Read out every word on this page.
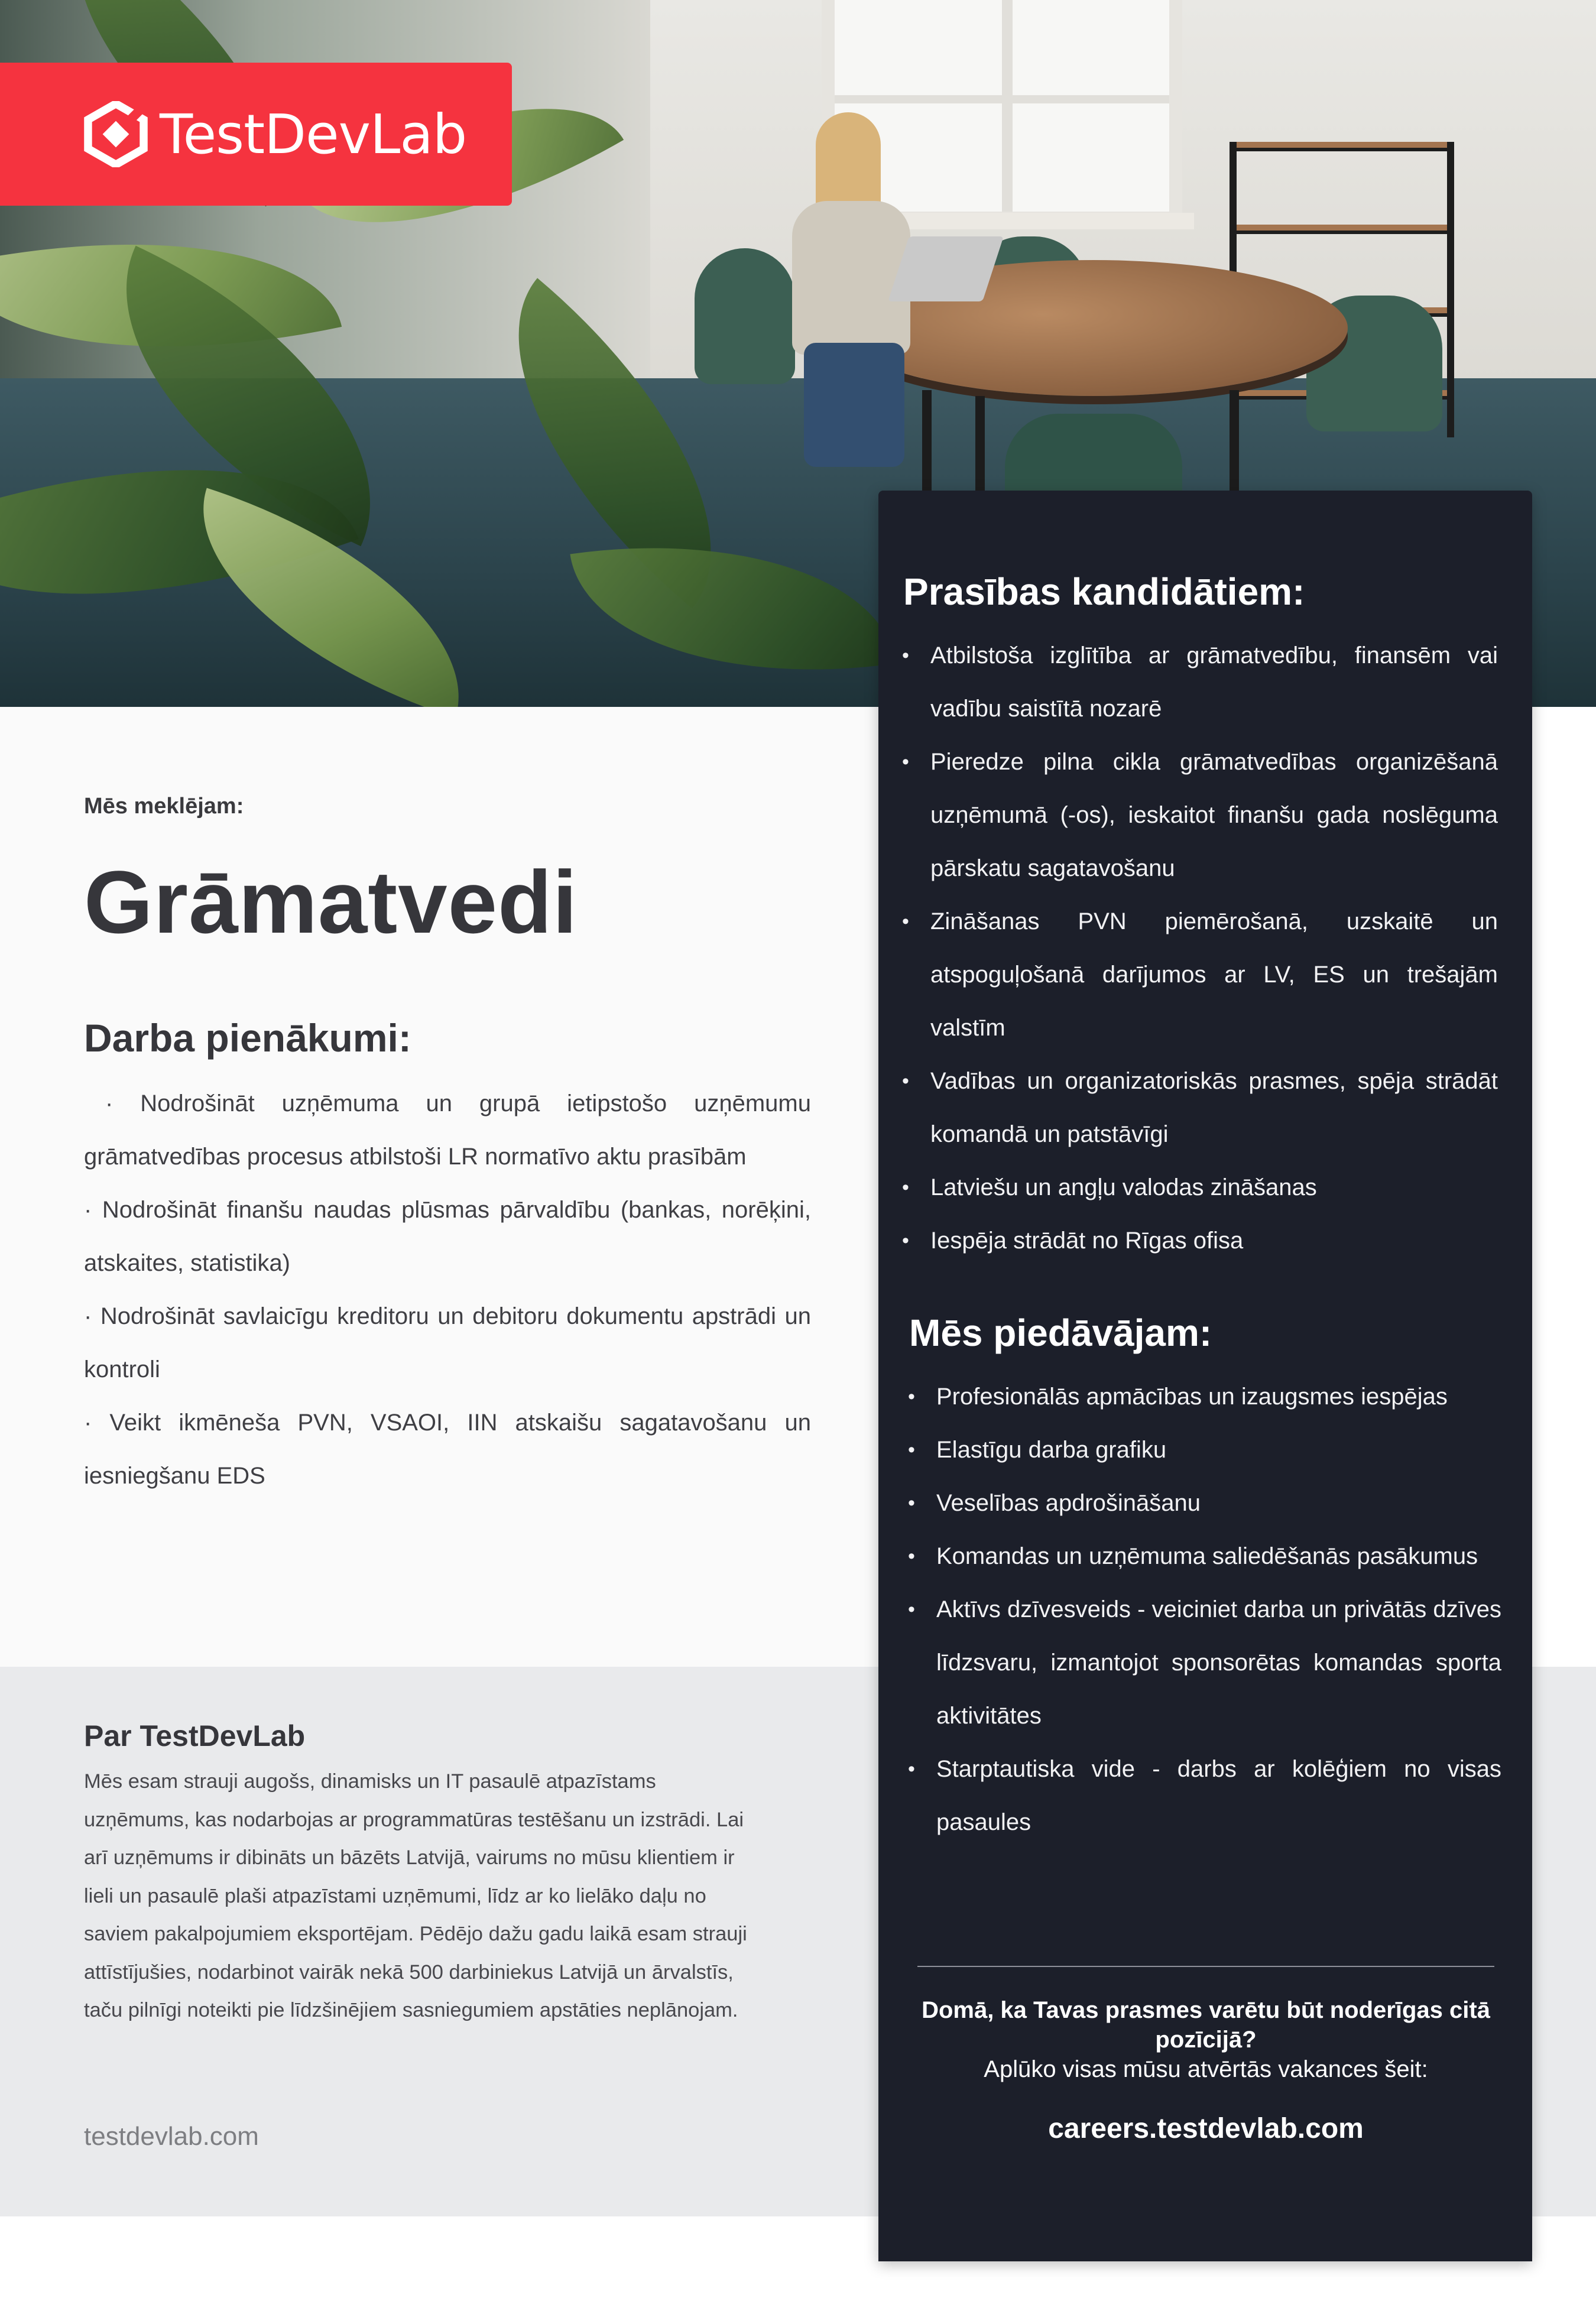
TestDevLab
Mēs meklējam:
Grāmatvedi
Darba pienākumi:

· Nodrošināt uzņēmuma un grupā ietipstošo uzņēmumu grāmatvedības procesus atbilstoši LR normatīvo aktu prasībām

· Nodrošināt finanšu naudas plūsmas pārvaldību (bankas, norēķini, atskaites, statistika)

· Nodrošināt savlaicīgu kreditoru un debitoru dokumentu apstrādi un kontroli

· Veikt ikmēneša PVN, VSAOI, IIN atskaišu sagatavošanu un iesniegšanu EDS

Par TestDevLab
Mēs esam strauji augošs, dinamisks un IT pasaulē atpazīstams
uzņēmums, kas nodarbojas ar programmatūras testēšanu un izstrādi. Lai
arī uzņēmums ir dibināts un bāzēts Latvijā, vairums no mūsu klientiem ir
lieli un pasaulē plaši atpazīstami uzņēmumi, līdz ar ko lielāko daļu no
saviem pakalpojumiem eksportējam. Pēdējo dažu gadu laikā esam strauji
attīstījušies, nodarbinot vairāk nekā 500 darbiniekus Latvijā un ārvalstīs,
taču pilnīgi noteikti pie līdzšinējiem sasniegumiem apstāties neplānojam.
testdevlab.com
Prasības kandidātiem:
• Atbilstoša izglītība ar grāmatvedību, finansēm vai vadību saistītā nozarē
• Pieredze pilna cikla grāmatvedības organizēšanā uzņēmumā (-os), ieskaitot finanšu gada noslēguma pārskatu sagatavošanu
• Zināšanas PVN piemērošanā, uzskaitē un atspoguļošanā darījumos ar LV, ES un trešajām valstīm
• Vadības un organizatoriskās prasmes, spēja strādāt komandā un patstāvīgi
• Latviešu un angļu valodas zināšanas
• Iespēja strādāt no Rīgas ofisa
Mēs piedāvājam:
• Profesionālās apmācības un izaugsmes iespējas
• Elastīgu darba grafiku
• Veselības apdrošināšanu
• Komandas un uzņēmuma saliedēšanās pasākumus
• Aktīvs dzīvesveids - veiciniet darba un privātās dzīves līdzsvaru, izmantojot sponsorētas komandas sporta aktivitātes
• Starptautiska vide - darbs ar kolēģiem no visas pasaules
Domā, ka Tavas prasmes varētu būt noderīgas citā pozīcijā?
Aplūko visas mūsu atvērtās vakances šeit:
careers.testdevlab.com
